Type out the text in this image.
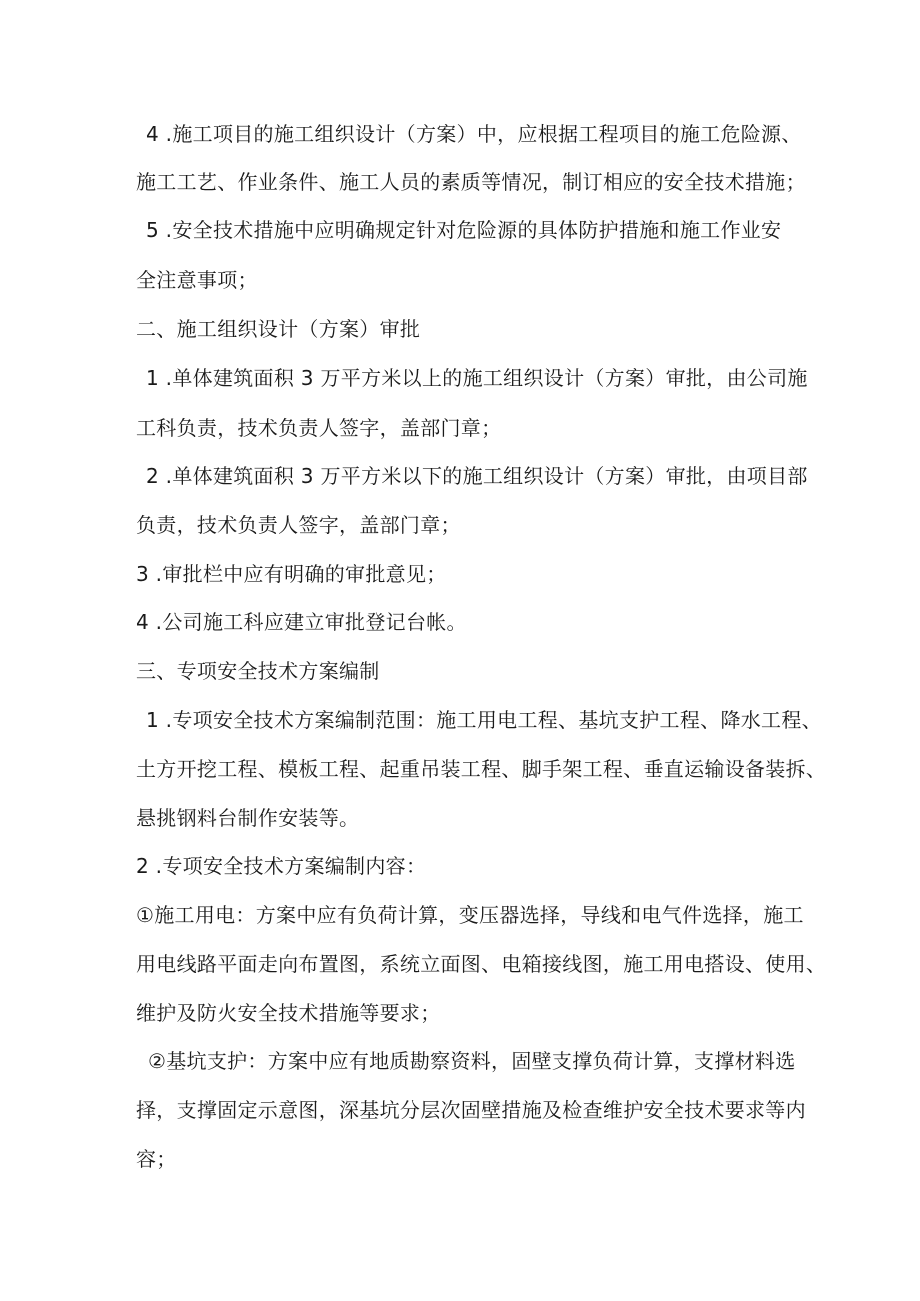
4 .施工项目的施工组织设计（方案）中，应根据工程项目的施工危险源、
施工工艺、作业条件、施工人员的素质等情况，制订相应的安全技术措施；
5 .安全技术措施中应明确规定针对危险源的具体防护措施和施工作业安
全注意事项；
二、施工组织设计（方案）审批
1 .单体建筑面积 3 万平方米以上的施工组织设计（方案）审批，由公司施
工科负责，技术负责人签字，盖部门章；
2 .单体建筑面积 3 万平方米以下的施工组织设计（方案）审批，由项目部
负责，技术负责人签字，盖部门章；
3 .审批栏中应有明确的审批意见；
4 .公司施工科应建立审批登记台帐。
三、专项安全技术方案编制
1 .专项安全技术方案编制范围：施工用电工程、基坑支护工程、降水工程、
土方开挖工程、模板工程、起重吊装工程、脚手架工程、垂直运输设备装拆、
悬挑钢料台制作安装等。
2 .专项安全技术方案编制内容：
①施工用电：方案中应有负荷计算，变压器选择，导线和电气件选择，施工
用电线路平面走向布置图，系统立面图、电箱接线图，施工用电搭设、使用、
维护及防火安全技术措施等要求；
②基坑支护：方案中应有地质勘察资料，固壁支撑负荷计算，支撑材料选
择，支撑固定示意图，深基坑分层次固壁措施及检查维护安全技术要求等内
容；
